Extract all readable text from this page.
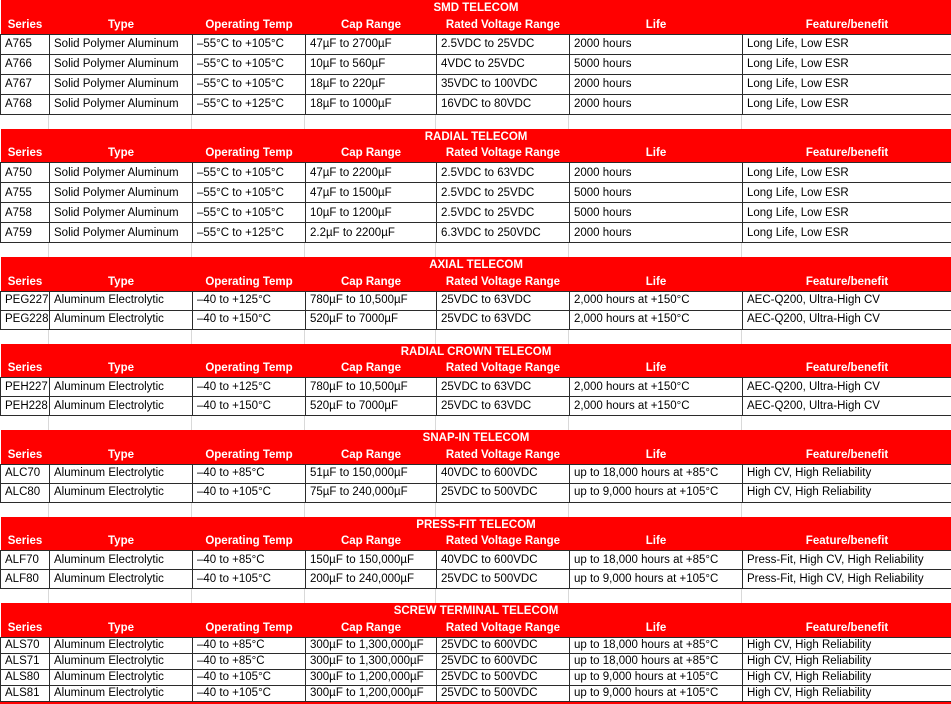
SMD TELECOM						
Series	Type	Operating Temp	Cap Range	Rated Voltage Range	Life	Feature/benefit
A765	Solid Polymer Aluminum	–55°C to +105°C	47µF to 2700µF	2.5VDC to 25VDC	2000 hours	Long Life, Low ESR
A766	Solid Polymer Aluminum	–55°C to +105°C	10µF to 560µF	4VDC to 25VDC	5000 hours	Long Life, Low ESR
A767	Solid Polymer Aluminum	–55°C to +105°C	18µF to 220µF	35VDC to 100VDC	2000 hours	Long Life, Low ESR
A768	Solid Polymer Aluminum	–55°C to +125°C	18µF to 1000µF	16VDC to 80VDC	2000 hours	Long Life, Low ESR
RADIAL TELECOM						
Series	Type	Operating Temp	Cap Range	Rated Voltage Range	Life	Feature/benefit
A750	Solid Polymer Aluminum	–55°C to +105°C	47µF to 2200µF	2.5VDC to 63VDC	2000 hours	Long Life, Low ESR
A755	Solid Polymer Aluminum	–55°C to +105°C	47µF to 1500µF	2.5VDC to 25VDC	5000 hours	Long Life, Low ESR
A758	Solid Polymer Aluminum	–55°C to +105°C	10µF to 1200µF	2.5VDC to 25VDC	5000 hours	Long Life, Low ESR
A759	Solid Polymer Aluminum	–55°C to +125°C	2.2µF to 2200µF	6.3VDC to 250VDC	2000 hours	Long Life, Low ESR
AXIAL TELECOM						
Series	Type	Operating Temp	Cap Range	Rated Voltage Range	Life	Feature/benefit
PEG227	Aluminum Electrolytic	–40 to +125°C	780µF to 10,500µF	25VDC to 63VDC	2,000 hours at +150°C	AEC-Q200, Ultra-High CV
PEG228	Aluminum Electrolytic	–40 to +150°C	520µF to 7000µF	25VDC to 63VDC	2,000 hours at +150°C	AEC-Q200, Ultra-High CV
RADIAL CROWN TELECOM						
Series	Type	Operating Temp	Cap Range	Rated Voltage Range	Life	Feature/benefit
PEH227	Aluminum Electrolytic	–40 to +125°C	780µF to 10,500µF	25VDC to 63VDC	2,000 hours at +150°C	AEC-Q200, Ultra-High CV
PEH228	Aluminum Electrolytic	–40 to +150°C	520µF to 7000µF	25VDC to 63VDC	2,000 hours at +150°C	AEC-Q200, Ultra-High CV
SNAP-IN TELECOM						
Series	Type	Operating Temp	Cap Range	Rated Voltage Range	Life	Feature/benefit
ALC70	Aluminum Electrolytic	–40 to +85°C	51µF to 150,000µF	40VDC to 600VDC	up to 18,000 hours at +85°C	High CV, High Reliability
ALC80	Aluminum Electrolytic	–40 to +105°C	75µF to 240,000µF	25VDC to 500VDC	up to 9,000 hours at +105°C	High CV, High Reliability
PRESS-FIT TELECOM						
Series	Type	Operating Temp	Cap Range	Rated Voltage Range	Life	Feature/benefit
ALF70	Aluminum Electrolytic	–40 to +85°C	150µF to 150,000µF	40VDC to 600VDC	up to 18,000 hours at +85°C	Press-Fit, High CV, High Reliability
ALF80	Aluminum Electrolytic	–40 to +105°C	200µF to 240,000µF	25VDC to 500VDC	up to 9,000 hours at +105°C	Press-Fit, High CV, High Reliability
SCREW TERMINAL TELECOM						
Series	Type	Operating Temp	Cap Range	Rated Voltage Range	Life	Feature/benefit
ALS70	Aluminum Electrolytic	–40 to +85°C	300µF to 1,300,000µF	25VDC to 600VDC	up to 18,000 hours at +85°C	High CV, High Reliability
ALS71	Aluminum Electrolytic	–40 to +85°C	300µF to 1,300,000µF	25VDC to 600VDC	up to 18,000 hours at +85°C	High CV, High Reliability
ALS80	Aluminum Electrolytic	–40 to +105°C	300µF to 1,200,000µF	25VDC to 500VDC	up to 9,000 hours at +105°C	High CV, High Reliability
ALS81	Aluminum Electrolytic	–40 to +105°C	300µF to 1,200,000µF	25VDC to 500VDC	up to 9,000 hours at +105°C	High CV, High Reliability
